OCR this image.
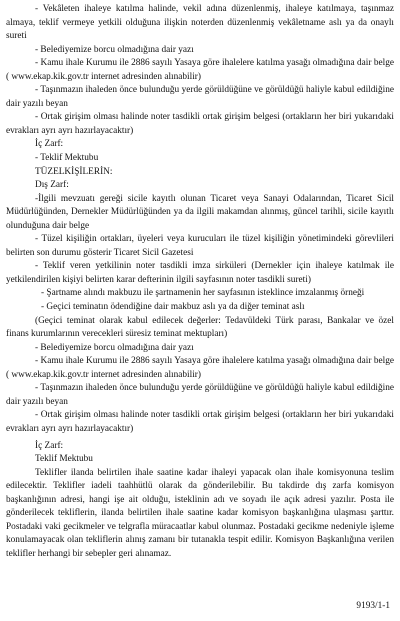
- Vekâleten ihaleye katılma halinde, vekil adına düzenlenmiş, ihaleye katılmaya, taşınmaz almaya, teklif vermeye yetkili olduğuna ilişkin noterden düzenlenmiş vekâletname aslı ya da onaylı sureti

- Belediyemize borcu olmadığına dair yazı

- Kamu ihale Kurumu ile 2886 sayılı Yasaya göre ihalelere katılma yasağı olmadığına dair belge ( www.ekap.kik.gov.tr internet adresinden alınabilir)

- Taşınmazın ihaleden önce bulunduğu yerde görüldüğüne ve görüldüğü haliyle kabul edildiğine dair yazılı beyan

- Ortak girişim olması halinde noter tasdikli ortak girişim belgesi (ortakların her biri yukarıdaki evrakları ayrı ayrı hazırlayacaktır)

İç Zarf:

- Teklif Mektubu

TÜZELKİŞİLERİN:

Dış Zarf:

-İlgili mevzuatı gereği sicile kayıtlı olunan Ticaret veya Sanayi Odalarından, Ticaret Sicil Müdürlüğünden, Dernekler Müdürlüğünden ya da ilgili makamdan alınmış, güncel tarihli, sicile kayıtlı olunduğuna dair belge

- Tüzel kişiliğin ortakları, üyeleri veya kurucuları ile tüzel kişiliğin yönetimindeki görevlileri belirten son durumu gösterir Ticaret Sicil Gazetesi

- Teklif veren yetkilinin noter tasdikli imza sirküleri (Dernekler için ihaleye katılmak ile yetkilendirilen kişiyi belirten karar defterinin ilgili sayfasının noter tasdikli sureti)

- Şartname alındı makbuzu ile şartnamenin her sayfasının isteklince imzalanmış örneği

- Geçici teminatın ödendiğine dair makbuz aslı ya da diğer teminat aslı

(Geçici teminat olarak kabul edilecek değerler: Tedavüldeki Türk parası, Bankalar ve özel finans kurumlarının verecekleri süresiz teminat mektupları)

- Belediyemize borcu olmadığına dair yazı

- Kamu ihale Kurumu ile 2886 sayılı Yasaya göre ihalelere katılma yasağı olmadığına dair belge ( www.ekap.kik.gov.tr internet adresinden alınabilir)

- Taşınmazın ihaleden önce bulunduğu yerde görüldüğüne ve görüldüğü haliyle kabul edildiğine dair yazılı beyan

- Ortak girişim olması halinde noter tasdikli ortak girişim belgesi (ortakların her biri yukarıdaki evrakları ayrı ayrı hazırlayacaktır)

İç Zarf:

Teklif Mektubu

Teklifler ilanda belirtilen ihale saatine kadar ihaleyi yapacak olan ihale komisyonuna teslim edilecektir. Teklifler iadeli taahhütlü olarak da gönderilebilir. Bu takdirde dış zarfa komisyon başkanlığının adresi, hangi işe ait olduğu, isteklinin adı ve soyadı ile açık adresi yazılır. Posta ile gönderilecek tekliflerin, ilanda belirtilen ihale saatine kadar komisyon başkanlığına ulaşması şarttır. Postadaki vaki gecikmeler ve telgrafla müracaatlar kabul olunmaz. Postadaki gecikme nedeniyle işleme konulamayacak olan tekliflerin alınış zamanı bir tutanakla tespit edilir. Komisyon Başkanlığına verilen teklifler herhangi bir sebepler geri alınamaz.

9193/1-1
